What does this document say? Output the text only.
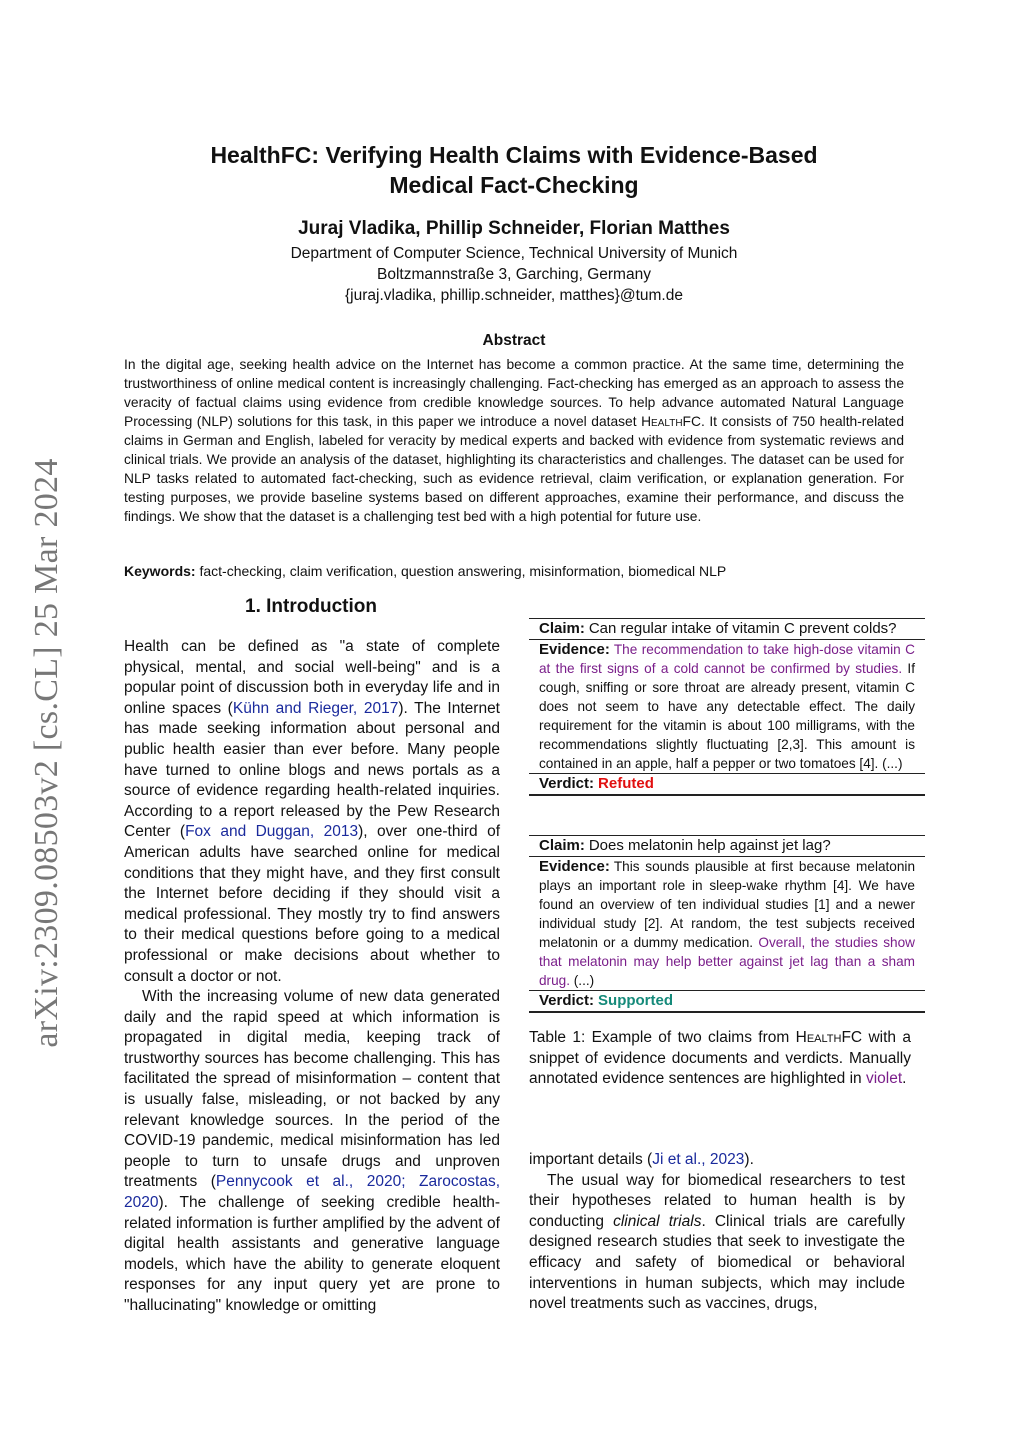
arXiv:2309.08503v2 [cs.CL] 25 Mar 2024
HealthFC: Verifying Health Claims with Evidence-Based
Medical Fact-Checking
Juraj Vladika, Phillip Schneider, Florian Matthes
Department of Computer Science, Technical University of Munich
Boltzmannstraße 3, Garching, Germany
{juraj.vladika, phillip.schneider, matthes}@tum.de
Abstract
In the digital age, seeking health advice on the Internet has become a common practice. At the same time, determining the trustworthiness of online medical content is increasingly challenging. Fact-checking has emerged as an approach to assess the veracity of factual claims using evidence from credible knowledge sources. To help advance automated Natural Language Processing (NLP) solutions for this task, in this paper we introduce a novel dataset HealthFC. It consists of 750 health-related claims in German and English, labeled for veracity by medical experts and backed with evidence from systematic reviews and clinical trials. We provide an analysis of the dataset, highlighting its characteristics and challenges. The dataset can be used for NLP tasks related to automated fact-checking, such as evidence retrieval, claim verification, or explanation generation. For testing purposes, we provide baseline systems based on different approaches, examine their performance, and discuss the findings. We show that the dataset is a challenging test bed with a high potential for future use.
Keywords: fact-checking, claim verification, question answering, misinformation, biomedical NLP
1. Introduction

Health can be defined as "a state of complete physical, mental, and social well-being" and is a popular point of discussion both in everyday life and in online spaces (Kühn and Rieger, 2017). The Internet has made seeking information about personal and public health easier than ever before. Many people have turned to online blogs and news portals as a source of evidence regarding health-related inquiries. According to a report released by the Pew Research Center (Fox and Duggan, 2013), over one-third of American adults have searched online for medical conditions that they might have, and they first consult the Internet before deciding if they should visit a medical professional. They mostly try to find answers to their medical questions before going to a medical professional or make decisions about whether to consult a doctor or not.

With the increasing volume of new data generated daily and the rapid speed at which information is propagated in digital media, keeping track of trustworthy sources has become challenging. This has facilitated the spread of misinformation – content that is usually false, misleading, or not backed by any relevant knowledge sources. In the period of the COVID-19 pandemic, medical misinformation has led people to turn to unsafe drugs and unproven treatments (Pennycook et al., 2020; Zarocostas, 2020). The challenge of seeking credible health-related information is further amplified by the advent of digital health assistants and generative language models, which have the ability to generate eloquent responses for any input query yet are prone to "hallucinating" knowledge or omitting

Claim: Can regular intake of vitamin C prevent colds?
Evidence: The recommendation to take high-dose vitamin C at the first signs of a cold cannot be confirmed by studies. If cough, sniffing or sore throat are already present, vitamin C does not seem to have any detectable effect. The daily requirement for the vitamin is about 100 milligrams, with the recommendations slightly fluctuating [2,3]. This amount is contained in an apple, half a pepper or two tomatoes [4]. (...)
Verdict: Refuted
Claim: Does melatonin help against jet lag?
Evidence: This sounds plausible at first because melatonin plays an important role in sleep-wake rhythm [4]. We have found an overview of ten individual studies [1] and a newer individual study [2]. At random, the test subjects received melatonin or a dummy medication. Overall, the studies show that melatonin may help better against jet lag than a sham drug. (...)
Verdict: Supported
Table 1: Example of two claims from HealthFC with a snippet of evidence documents and verdicts. Manually annotated evidence sentences are highlighted in violet.

important details (Ji et al., 2023).

The usual way for biomedical researchers to test their hypotheses related to human health is by conducting clinical trials. Clinical trials are carefully designed research studies that seek to investigate the efficacy and safety of biomedical or behavioral interventions in human subjects, which may include novel treatments such as vaccines, drugs,
